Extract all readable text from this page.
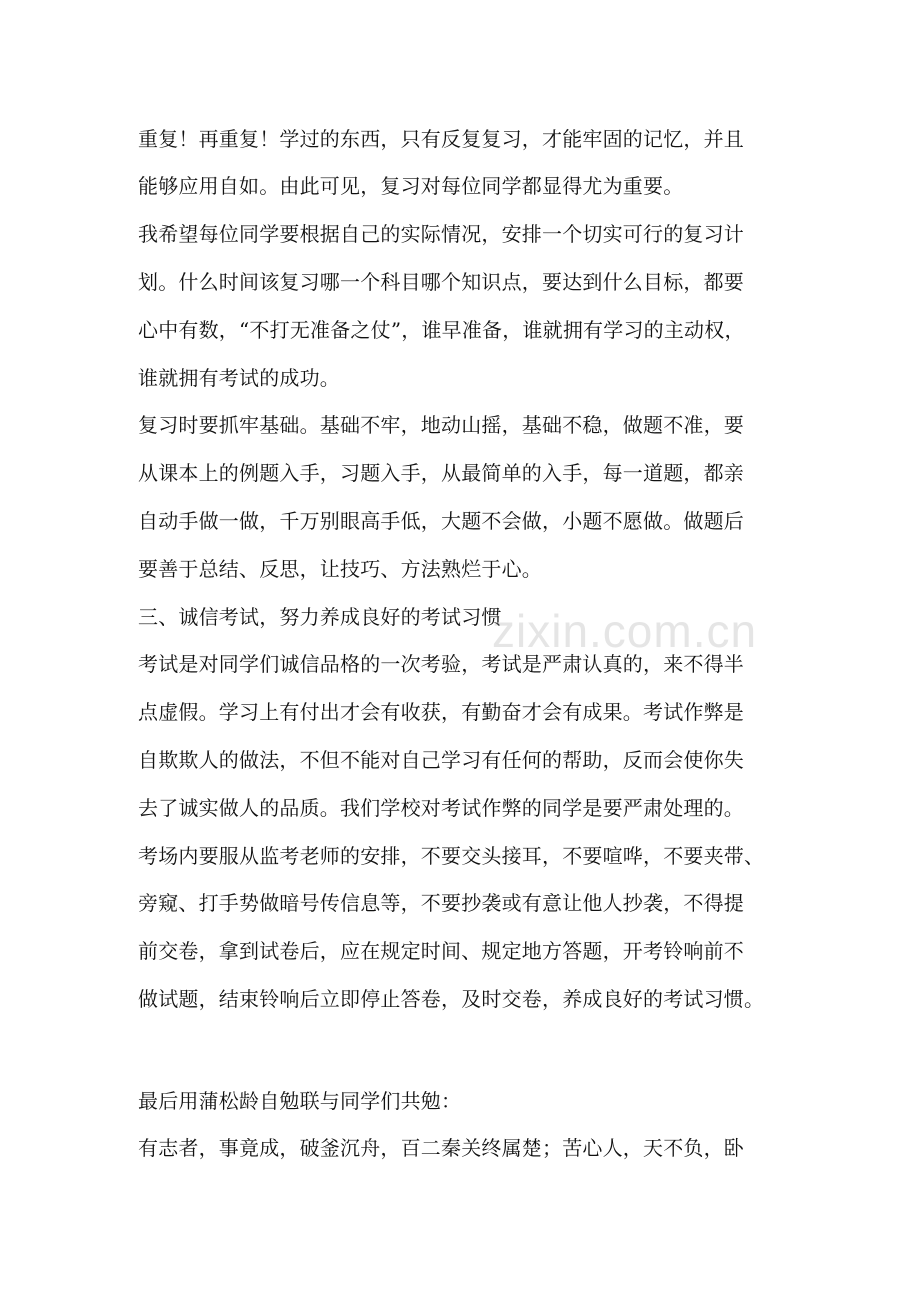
重复！再重复！学过的东西，只有反复复习，才能牢固的记忆，并且
能够应用自如。由此可见，复习对每位同学都显得尤为重要。
我希望每位同学要根据自己的实际情况，安排一个切实可行的复习计
划。什么时间该复习哪一个科目哪个知识点，要达到什么目标，都要
心中有数，“不打无准备之仗”，谁早准备，谁就拥有学习的主动权，
谁就拥有考试的成功。
复习时要抓牢基础。基础不牢，地动山摇，基础不稳，做题不准，要
从课本上的例题入手，习题入手，从最简单的入手，每一道题，都亲
自动手做一做，千万别眼高手低，大题不会做，小题不愿做。做题后
要善于总结、反思，让技巧、方法熟烂于心。
三、诚信考试，努力养成良好的考试习惯
考试是对同学们诚信品格的一次考验，考试是严肃认真的，来不得半
点虚假。学习上有付出才会有收获，有勤奋才会有成果。考试作弊是
自欺欺人的做法，不但不能对自己学习有任何的帮助，反而会使你失
去了诚实做人的品质。我们学校对考试作弊的同学是要严肃处理的。
考场内要服从监考老师的安排，不要交头接耳，不要喧哗，不要夹带、
旁窥、打手势做暗号传信息等，不要抄袭或有意让他人抄袭，不得提
前交卷，拿到试卷后，应在规定时间、规定地方答题，开考铃响前不
做试题，结束铃响后立即停止答卷，及时交卷，养成良好的考试习惯。
最后用蒲松龄自勉联与同学们共勉：
有志者，事竟成，破釜沉舟，百二秦关终属楚；苦心人，天不负，卧
zixin.com.cn
